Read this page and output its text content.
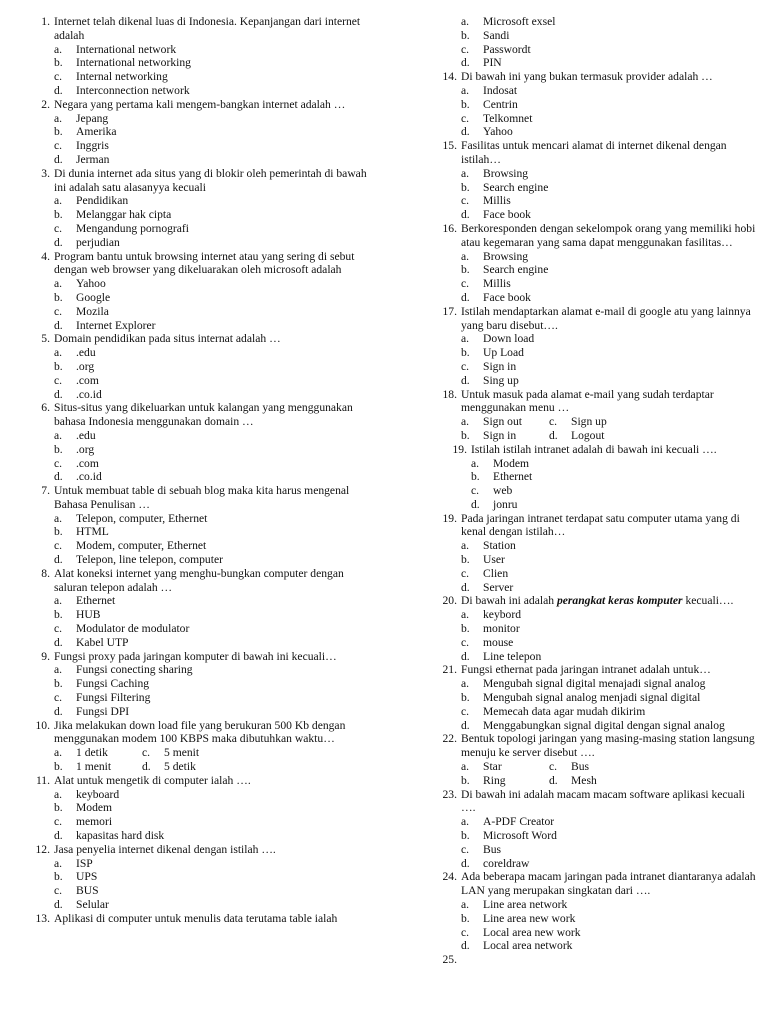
1. Internet telah dikenal luas di Indonesia. Kepanjangan dari internet adalah
a. International network
b. International networking
c. Internal networking
d. Interconnection network
2. Negara yang pertama kali mengem-bangkan internet adalah …
a. Jepang
b. Amerika
c. Inggris
d. Jerman
3. Di dunia internet ada situs yang di blokir oleh pemerintah di bawah ini adalah satu alasanyya kecuali
a. Pendidikan
b. Melanggar hak cipta
c. Mengandung pornografi
d. perjudian
4. Program bantu untuk browsing internet atau yang sering di sebut dengan web browser yang dikeluarakan oleh microsoft adalah
a. Yahoo
b. Google
c. Mozila
d. Internet Explorer
5. Domain pendidikan pada situs internat adalah …
a. .edu
b. .org
c. .com
d. .co.id
6. Situs-situs yang dikeluarkan untuk kalangan yang menggunakan bahasa Indonesia menggunakan domain …
a. .edu
b. .org
c. .com
d. .co.id
7. Untuk membuat table di sebuah blog maka kita harus mengenal Bahasa Penulisan …
a. Telepon, computer, Ethernet
b. HTML
c. Modem, computer, Ethernet
d. Telepon, line telepon, computer
8. Alat koneksi internet yang menghu-bungkan computer dengan saluran telepon adalah …
a. Ethernet
b. HUB
c. Modulator de modulator
d. Kabel UTP
9. Fungsi proxy pada jaringan komputer di bawah ini kecuali…
a. Fungsi conecting sharing
b. Fungsi Caching
c. Fungsi Filtering
d. Fungsi DPI
10. Jika melakukan down load file yang berukuran 500 Kb dengan menggunakan modem 100 KBPS maka dibutuhkan waktu…
a. 1 detik	c. 5 menit
b. 1 menit	d. 5 detik
11. Alat untuk mengetik di computer ialah ….
a. keyboard
b. Modem
c. memori
d. kapasitas hard disk
12. Jasa penyelia internet dikenal dengan istilah ….
a. ISP
b. UPS
c. BUS
d. Selular
13. Aplikasi di computer untuk menulis data terutama table ialah
a. Microsoft exsel
b. Sandi
c. Passwordt
d. PIN
14. Di bawah ini yang bukan termasuk provider adalah …
a. Indosat
b. Centrin
c. Telkomnet
d. Yahoo
15. Fasilitas untuk mencari alamat di internet dikenal dengan istilah…
a. Browsing
b. Search engine
c. Millis
d. Face book
16. Berkoresponden dengan sekelompok orang yang memiliki hobi atau kegemaran yang sama dapat menggunakan fasilitas…
a. Browsing
b. Search engine
c. Millis
d. Face book
17. Istilah mendaptarkan alamat e-mail di google atu yang lainnya yang baru disebut….
a. Down load
b. Up Load
c. Sign in
d. Sing up
18. Untuk masuk pada alamat e-mail yang sudah terdaptar menggunakan menu …
a. Sign out c. Sign up
b. Sign in	d. Logout
19. Istilah istilah intranet adalah di bawah ini kecuali ….
a. Modem
b. Ethernet
c. web
d. jonru
19. Pada jaringan intranet terdapat satu computer utama yang di kenal dengan istilah…
a. Station
b. User
c. Clien
d. Server
20. Di bawah ini adalah perangkat keras komputer kecuali….
a. keybord
b. monitor
c. mouse
d. Line telepon
21. Fungsi ethernat pada jaringan intranet adalah untuk…
a. Mengubah signal digital menajadi signal analog
b. Mengubah signal analog menjadi signal digital
c. Memecah data agar mudah dikirim
d. Menggabungkan signal digital dengan signal analog
22. Bentuk topologi jaringan yang masing-masing station langsung menuju ke server disebut ….
a. Star	c. Bus
b. Ring	d. Mesh
23. Di bawah ini adalah macam macam software aplikasi kecuali ….
a. A-PDF Creator
b. Microsoft Word
c. Bus
d. coreldraw
24. Ada beberapa macam jaringan pada intranet diantaranya adalah LAN yang merupakan singkatan dari ….
a. Line area network
b. Line area new work
c. Local area new work
d. Local area network
25.
